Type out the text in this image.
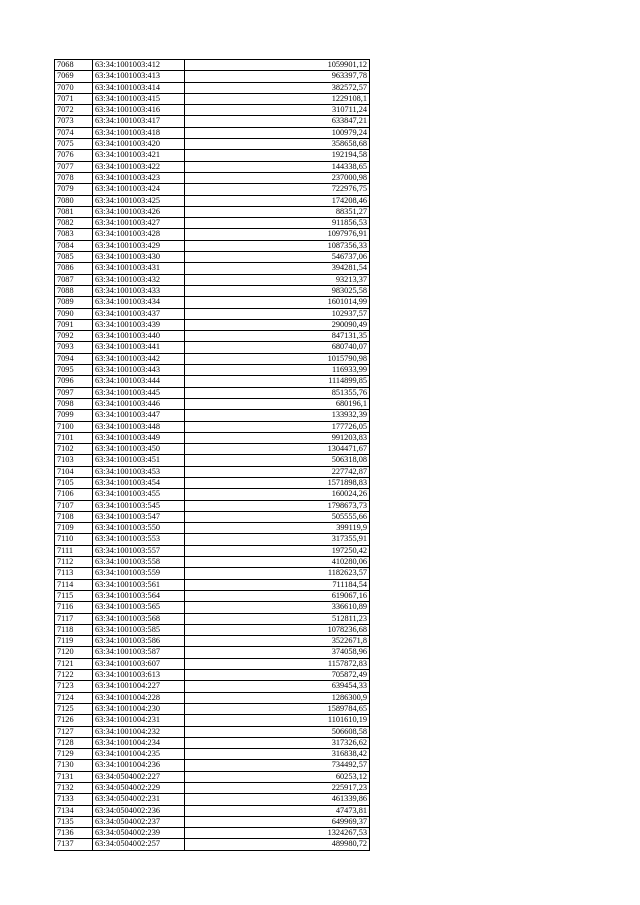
7068	63:34:1001003:412	1059901,12
7069	63:34:1001003:413	963397,78
7070	63:34:1001003:414	382572,57
7071	63:34:1001003:415	1229108,1
7072	63:34:1001003:416	310711,24
7073	63:34:1001003:417	633847,21
7074	63:34:1001003:418	100979,24
7075	63:34:1001003:420	358658,68
7076	63:34:1001003:421	192194,58
7077	63:34:1001003:422	144338,65
7078	63:34:1001003:423	237000,98
7079	63:34:1001003:424	722976,75
7080	63:34:1001003:425	174208,46
7081	63:34:1001003:426	88351,27
7082	63:34:1001003:427	911856,53
7083	63:34:1001003:428	1097976,91
7084	63:34:1001003:429	1087356,33
7085	63:34:1001003:430	546737,06
7086	63:34:1001003:431	394281,54
7087	63:34:1001003:432	93213,37
7088	63:34:1001003:433	983025,58
7089	63:34:1001003:434	1601014,99
7090	63:34:1001003:437	102937,57
7091	63:34:1001003:439	290090,49
7092	63:34:1001003:440	847131,35
7093	63:34:1001003:441	680740,07
7094	63:34:1001003:442	1015790,98
7095	63:34:1001003:443	116933,99
7096	63:34:1001003:444	1114899,85
7097	63:34:1001003:445	851355,76
7098	63:34:1001003:446	680196,1
7099	63:34:1001003:447	133932,39
7100	63:34:1001003:448	177726,05
7101	63:34:1001003:449	991203,83
7102	63:34:1001003:450	1304471,67
7103	63:34:1001003:451	506318,08
7104	63:34:1001003:453	227742,87
7105	63:34:1001003:454	1571898,83
7106	63:34:1001003:455	160024,26
7107	63:34:1001003:545	1798673,73
7108	63:34:1001003:547	505555,66
7109	63:34:1001003:550	399119,9
7110	63:34:1001003:553	317355,91
7111	63:34:1001003:557	197250,42
7112	63:34:1001003:558	410280,06
7113	63:34:1001003:559	1182623,57
7114	63:34:1001003:561	711184,54
7115	63:34:1001003:564	619067,16
7116	63:34:1001003:565	336610,89
7117	63:34:1001003:568	512811,23
7118	63:34:1001003:585	1078236,68
7119	63:34:1001003:586	3522671,8
7120	63:34:1001003:587	374058,96
7121	63:34:1001003:607	1157872,83
7122	63:34:1001003:613	705872,49
7123	63:34:1001004:227	639454,33
7124	63:34:1001004:228	1286300,9
7125	63:34:1001004:230	1589784,65
7126	63:34:1001004:231	1101610,19
7127	63:34:1001004:232	506608,58
7128	63:34:1001004:234	317326,62
7129	63:34:1001004:235	316838,42
7130	63:34:1001004:236	734492,57
7131	63:34:0504002:227	60253,12
7132	63:34:0504002:229	225917,23
7133	63:34:0504002:231	461339,86
7134	63:34:0504002:236	47473,81
7135	63:34:0504002:237	649969,37
7136	63:34:0504002:239	1324267,53
7137	63:34:0504002:257	489980,72
